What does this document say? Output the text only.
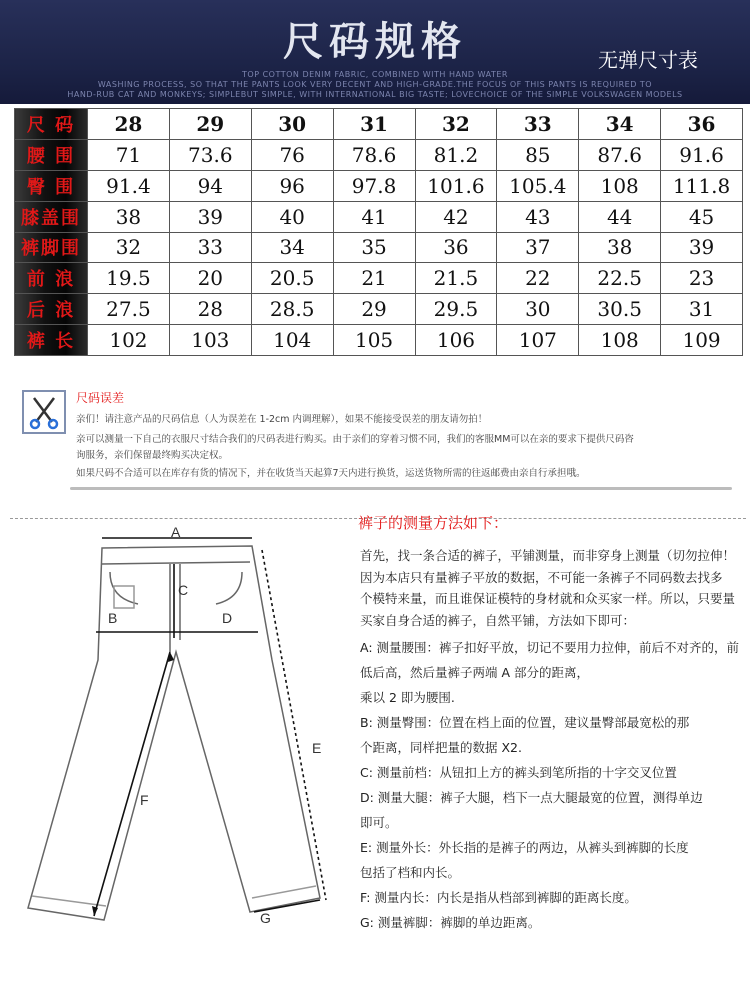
尺码规格	无弹尺寸表
TOP COTTON DENIM FABRIC, COMBINED WITH HAND WATER
WASHING PROCESS, SO THAT THE PANTS LOOK VERY DECENT AND HIGH-GRADE.THE FOCUS OF THIS PANTS IS REQUIRED TO
HAND-RUB CAT AND MONKEYS; SIMPLEBUT SIMPLE, WITH INTERNATIONAL BIG TASTE; LOVECHOICE OF THE SIMPLE VOLKSWAGEN MODELS
尺 码	28	29	30	31	32	33	34	36
腰 围	71	73.6	76	78.6	81.2	85	87.6	91.6
臀 围	91.4	94	96	97.8	101.6	105.4	108	111.8
膝盖围	38	39	40	41	42	43	44	45
裤脚围	32	33	34	35	36	37	38	39
前 浪	19.5	20	20.5	21	21.5	22	22.5	23
后 浪	27.5	28	28.5	29	29.5	30	30.5	31
裤 长	102	103	104	105	106	107	108	109
尺码误差
亲们！请注意产品的尺码信息（人为误差在 1-2cm 内调理解），如果不能接受误差的朋友请勿拍！
亲可以测量一下自己的衣服尺寸结合我们的尺码表进行购买。由于亲们的穿着习惯不同，我们的客服MM可以在亲的要求下提供尺码咨
询服务，亲们保留最终购买决定权。
如果尺码不合适可以在库存有货的情况下，并在收货当天起算7天内进行换货，运送货物所需的往返邮费由亲自行承担哦。
A
B
C
D
E
F
G
裤子的测量方法如下：
首先，找一条合适的裤子，平铺测量，而非穿身上测量（切勿拉伸！
因为本店只有量裤子平放的数据，不可能一条裤子不同码数去找多
个模特来量，而且谁保证模特的身材就和众买家一样。所以，只要量
买家自身合适的裤子，自然平铺，方法如下即可：
A: 测量腰围：裤子扣好平放，切记不要用力拉伸，前后不对齐的，前
低后高，然后量裤子两端 A 部分的距离，
乘以 2 即为腰围.
B: 测量臀围：位置在档上面的位置，建议量臀部最宽松的那
个距离，同样把量的数据 X2.
C: 测量前档：从钮扣上方的裤头到笔所指的十字交叉位置
D: 测量大腿：裤子大腿，档下一点大腿最宽的位置，测得单边
即可。
E: 测量外长：外长指的是裤子的两边，从裤头到裤脚的长度
包括了档和内长。
F: 测量内长：内长是指从档部到裤脚的距离长度。
G: 测量裤脚：裤脚的单边距离。
